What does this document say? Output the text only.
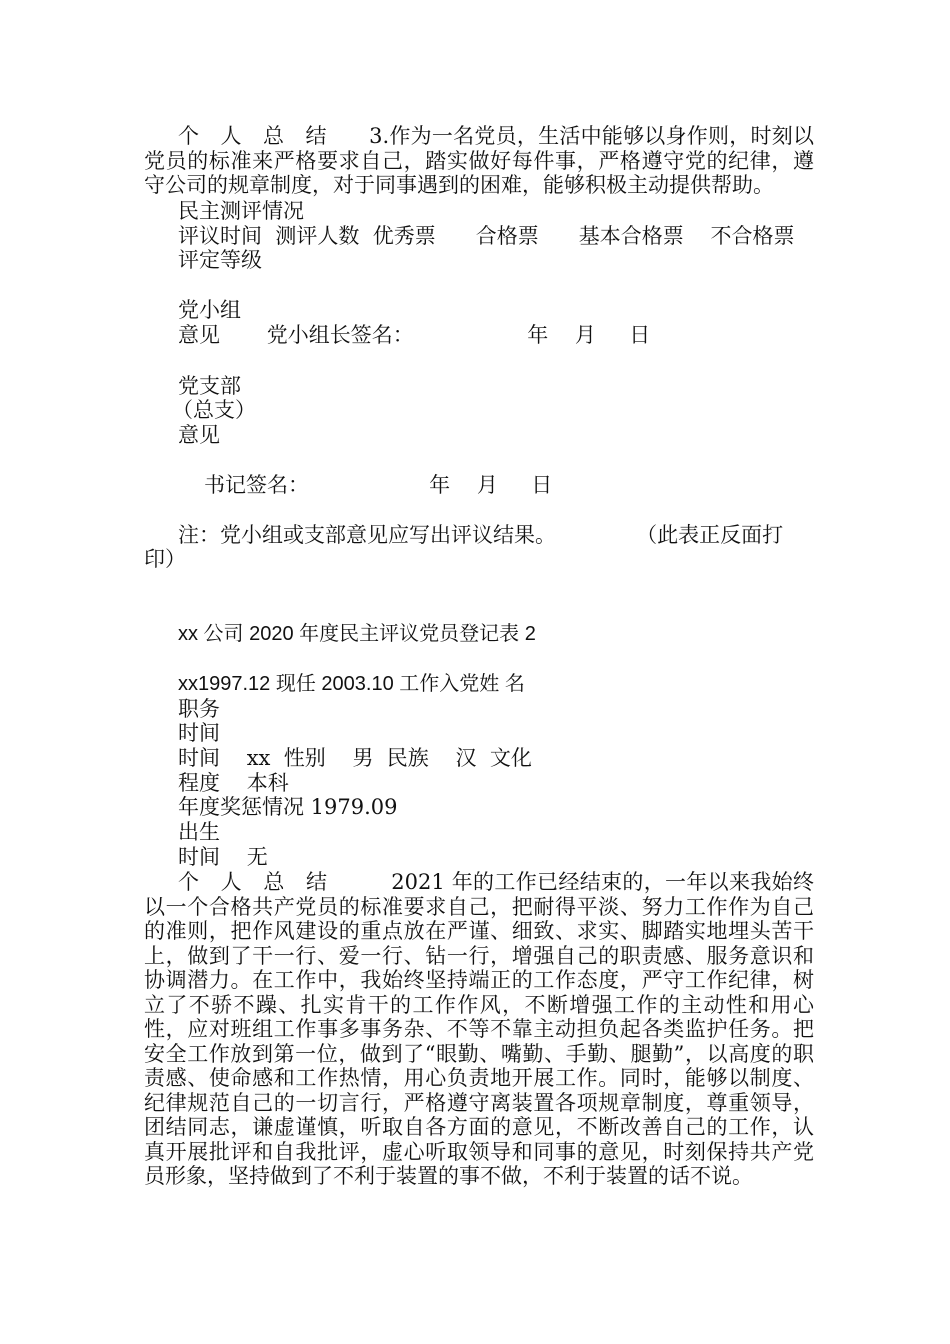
个　人　总　结　　3.作为一名党员，生活中能够以身作则，时刻以党员的标准来严格要求自己，踏实做好每件事，严格遵守党的纪律，遵守公司的规章制度，对于同事遇到的困难，能够积极主动提供帮助。

民主测评情况

评议时间  测评人数  优秀票      合格票      基本合格票    不合格票

评定等级

党小组

意见       党小组长签名：                 年    月     日

党支部

（总支）

意见

书记签名：                  年    月     日

注：党小组或支部意见应写出评议结果。            （此表正反面打

印）

xx 公司 2020 年度民主评议党员登记表 2

xx1997.12 现任 2003.10 工作入党姓 名

职务

时间

时间    xx  性别    男  民族    汉  文化

程度    本科

年度奖惩情况 1979.09

出生

时间    无

个　人　总　结　　　2021 年的工作已经结束的，一年以来我始终以一个合格共产党员的标准要求自己，把耐得平淡、努力工作作为自己的准则，把作风建设的重点放在严谨、细致、求实、脚踏实地埋头苦干上，做到了干一行、爱一行、钻一行，增强自己的职责感、服务意识和协调潜力。在工作中，我始终坚持端正的工作态度，严守工作纪律，树立了不骄不躁、扎实肯干的工作作风，不断增强工作的主动性和用心性，应对班组工作事多事务杂、不等不靠主动担负起各类监护任务。把安全工作放到第一位，做到了“眼勤、嘴勤、手勤、腿勤”，以高度的职责感、使命感和工作热情，用心负责地开展工作。同时，能够以制度、纪律规范自己的一切言行，严格遵守离装置各项规章制度，尊重领导，团结同志，谦虚谨慎，听取自各方面的意见，不断改善自己的工作，认真开展批评和自我批评，虚心听取领导和同事的意见，时刻保持共产党员形象，坚持做到了不利于装置的事不做，不利于装置的话不说。
